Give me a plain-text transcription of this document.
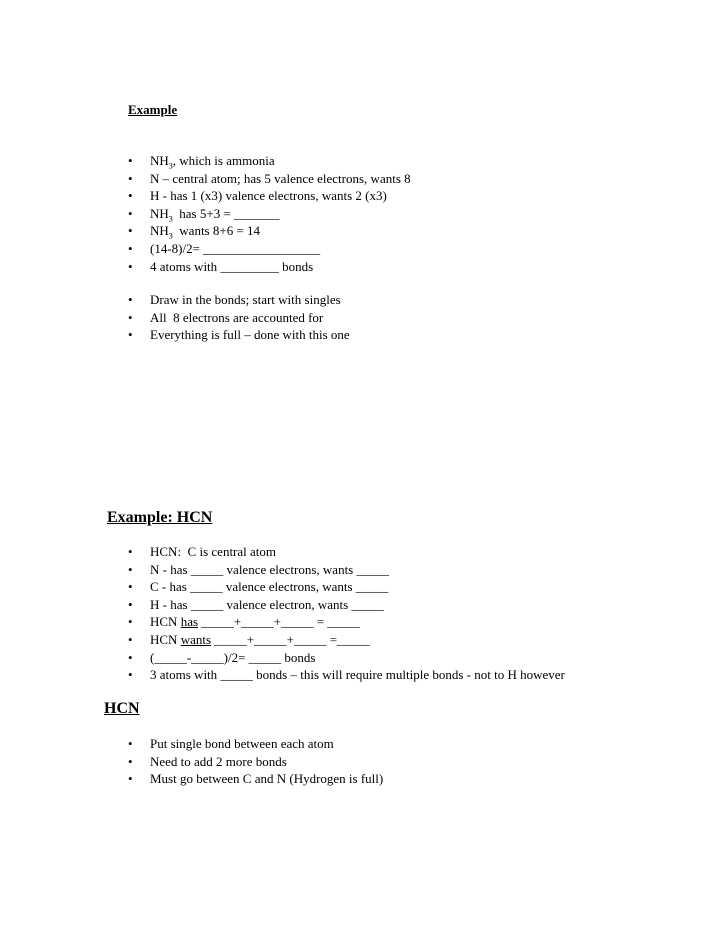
Example

• $NH_3$, which is ammonia
• N – central atom; has 5 valence electrons, wants 8
• H - has 1 (x3) valence electrons, wants 2 (x3)
• $NH_3$  has 5+3 = _______
• $NH_3$  wants 8+6 = 14
• (14-8)/2= __________________
• 4 atoms with _________ bonds
• Draw in the bonds; start with singles
• All  8 electrons are accounted for
• Everything is full – done with this one

Example: HCN

• HCN:  C is central atom
• N - has _____ valence electrons, wants _____
• C - has _____ valence electrons, wants _____
• H - has _____ valence electron, wants _____
• HCN has _____+_____+_____ = _____
• HCN wants _____+_____+_____ =_____
• (_____-_____)/2= _____ bonds
• 3 atoms with _____ bonds – this will require multiple bonds - not to H however

HCN

• Put single bond between each atom
• Need to add 2 more bonds
• Must go between C and N (Hydrogen is full)
